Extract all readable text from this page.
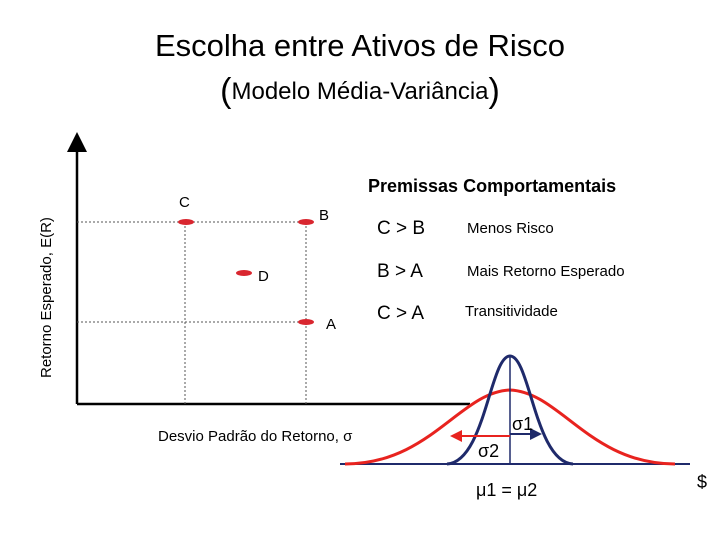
Escolha entre Ativos de Risco
(Modelo Média-Variância)
Retorno Esperado, E(R)
Desvio Padrão do Retorno, σ
C
B
D
A
Premissas Comportamentais
C > B	Menos Risco
B > A	Mais Retorno Esperado
C > A	Transitividade
σ1
σ2
μ1 = μ2	$
